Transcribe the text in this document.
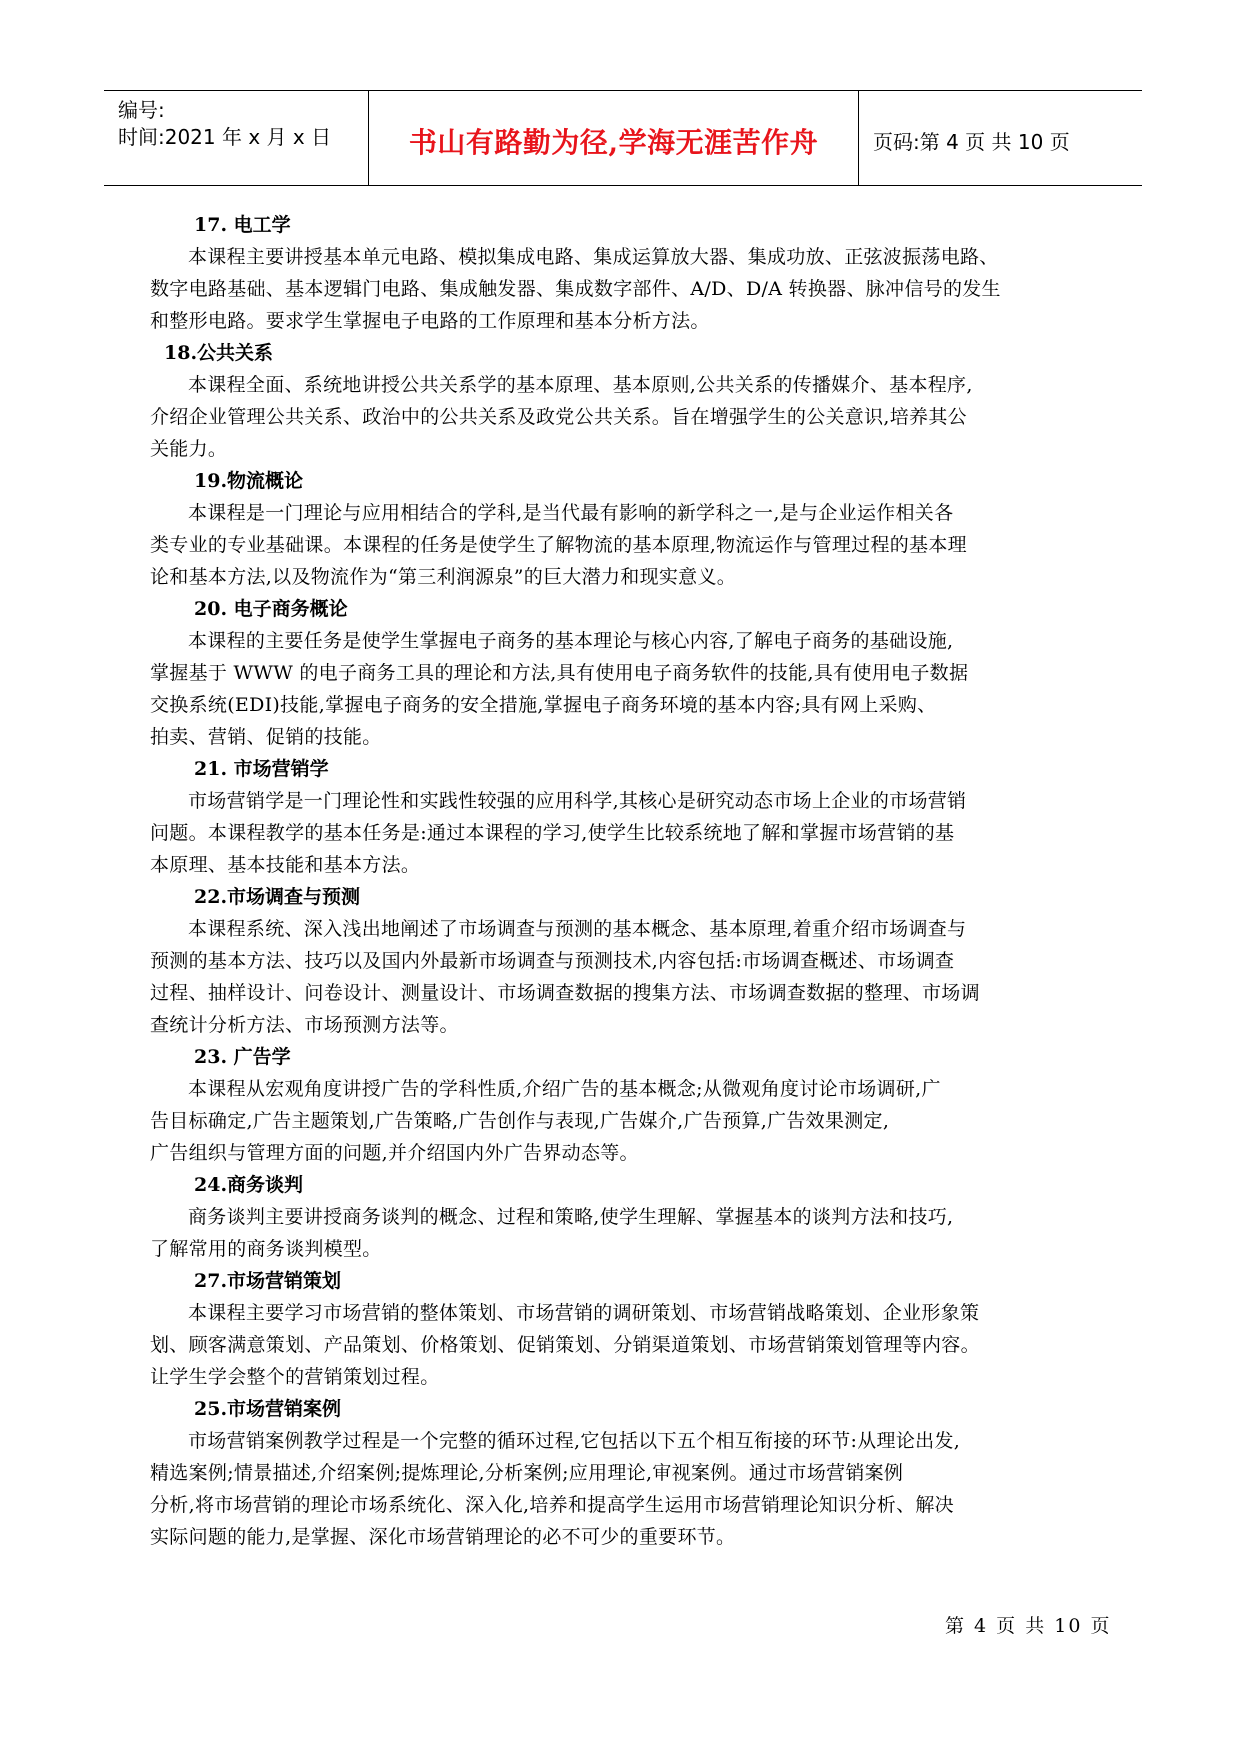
编号:
时间:2021 年 x 月 x 日	书山有路勤为径,学海无涯苦作舟	页码:第 4 页 共 10 页
17. 电工学
本课程主要讲授基本单元电路、模拟集成电路、集成运算放大器、集成功放、正弦波振荡电路、
数字电路基础、基本逻辑门电路、集成触发器、集成数字部件、A/D、D/A 转换器、脉冲信号的发生
和整形电路。要求学生掌握电子电路的工作原理和基本分析方法。
18.公共关系
本课程全面、系统地讲授公共关系学的基本原理、基本原则,公共关系的传播媒介、基本程序,
介绍企业管理公共关系、政治中的公共关系及政党公共关系。旨在增强学生的公关意识,培养其公
关能力。
19.物流概论
本课程是一门理论与应用相结合的学科,是当代最有影响的新学科之一,是与企业运作相关各
类专业的专业基础课。本课程的任务是使学生了解物流的基本原理,物流运作与管理过程的基本理
论和基本方法,以及物流作为“第三利润源泉”的巨大潜力和现实意义。
20. 电子商务概论
本课程的主要任务是使学生掌握电子商务的基本理论与核心内容,了解电子商务的基础设施,
掌握基于 WWW 的电子商务工具的理论和方法,具有使用电子商务软件的技能,具有使用电子数据
交换系统(EDI)技能,掌握电子商务的安全措施,掌握电子商务环境的基本内容;具有网上采购、
拍卖、营销、促销的技能。
21. 市场营销学
市场营销学是一门理论性和实践性较强的应用科学,其核心是研究动态市场上企业的市场营销
问题。本课程教学的基本任务是:通过本课程的学习,使学生比较系统地了解和掌握市场营销的基
本原理、基本技能和基本方法。
22.市场调查与预测
本课程系统、深入浅出地阐述了市场调查与预测的基本概念、基本原理,着重介绍市场调查与
预测的基本方法、技巧以及国内外最新市场调查与预测技术,内容包括:市场调查概述、市场调查
过程、抽样设计、问卷设计、测量设计、市场调查数据的搜集方法、市场调查数据的整理、市场调
查统计分析方法、市场预测方法等。
23. 广告学
本课程从宏观角度讲授广告的学科性质,介绍广告的基本概念;从微观角度讨论市场调研,广
告目标确定,广告主题策划,广告策略,广告创作与表现,广告媒介,广告预算,广告效果测定,
广告组织与管理方面的问题,并介绍国内外广告界动态等。
24.商务谈判
商务谈判主要讲授商务谈判的概念、过程和策略,使学生理解、掌握基本的谈判方法和技巧,
了解常用的商务谈判模型。
27.市场营销策划
本课程主要学习市场营销的整体策划、市场营销的调研策划、市场营销战略策划、企业形象策
划、顾客满意策划、产品策划、价格策划、促销策划、分销渠道策划、市场营销策划管理等内容。
让学生学会整个的营销策划过程。
25.市场营销案例
市场营销案例教学过程是一个完整的循环过程,它包括以下五个相互衔接的环节:从理论出发,
精选案例;情景描述,介绍案例;提炼理论,分析案例;应用理论,审视案例。通过市场营销案例
分析,将市场营销的理论市场系统化、深入化,培养和提高学生运用市场营销理论知识分析、解决
实际问题的能力,是掌握、深化市场营销理论的必不可少的重要环节。
第 4 页 共 10 页
